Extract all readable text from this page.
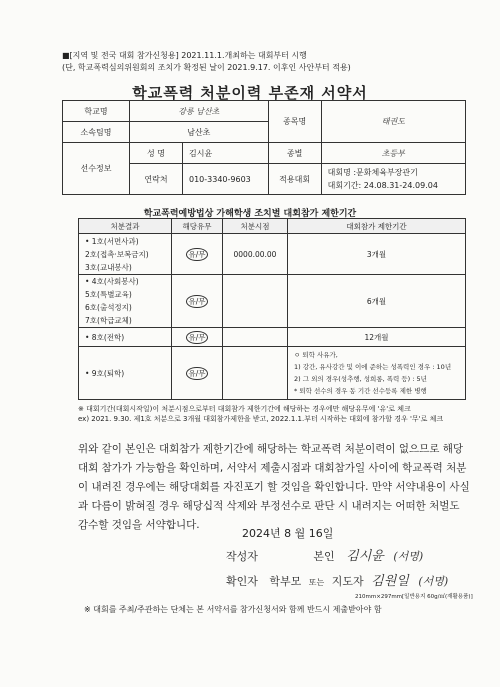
■[지역 및 전국 대회 참가신청용] 2021.11.1.개최하는 대회부터 시행
(단, 학교폭력심의위원회의 조치가 확정된 날이 2021.9.17. 이후인 사안부터 적용)
학교폭력 처분이력 부존재 서약서
학교명	강릉 남산초		종목명	태권도
소속팀명	남산초			
선수정보	성 명	김시윤	종별	초등부
	연락처	010-3340-9603	적용대회	대회명 :문화체육부장관기
대회기간: 24.08.31-24.09.04
학교폭력예방법상 가해학생 조치별 대회참가 제한기간
처분결과	해당유무	처분시점	대회참가 제한기간

• 1호(서면사과)
2호(접촉·보복금지)
3호(교내봉사)	유/무	0000.00.00	3개월

• 4호(사회봉사)
5호(특별교육)
6호(출석정지)
7호(학급교체)	유/무		6개월

• 8호(전학)	유/무		12개월

• 9호(퇴학)	유/무		ㅇ 퇴학 사유가,
1) 강간, 유사강간 및 이에 준하는 성폭력인 경우 : 10년
2) 그 외의 경우(성추행, 성희롱, 폭력 등) : 5년
* 퇴학 선수의 경우 동 기간 선수등록 제한 병행
※ 대회기간(대회시작일)이 처분시점으로부터 대회참가 제한기간에 해당하는 경우에만 해당유무에 '유'로 체크
ex) 2021. 9.30. 제1호 처분으로 3개월 대회참가제한을 받고, 2022.1.1.부터 시작하는 대회에 참가할 경우 '무'로 체크
위와 같이 본인은 대회참가 제한기간에 해당하는 학교폭력 처분이력이 없으므로 해당 대회 참가가 가능함을 확인하며, 서약서 제출시점과 대회참가일 사이에 학교폭력 처분이 내려진 경우에는 해당대회를 자진포기 할 것임을 확인합니다. 만약 서약내용이 사실과 다름이 밝혀질 경우 해당십적 삭제와 부정선수로 판단 시 내려지는 어떠한 처벌도 감수할 것임을 서약합니다.
2024년 8 월 16일
작성자	본인 김시윤 (서명)
확인자 학부모 또는 지도자 김원일 (서명)
210mm×297mm[일반용지 60g/㎡(재활용품)]
※ 대회를 주최/주관하는 단체는 본 서약서를 참가신청서와 함께 반드시 제출받아야 함
